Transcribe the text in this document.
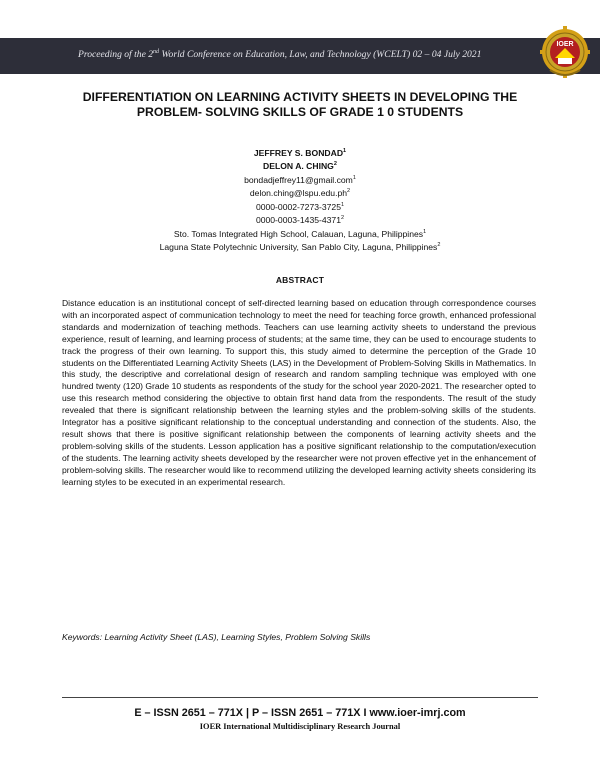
Proceeding of the 2nd World Conference on Education, Law, and Technology (WCELT) 02 – 04 July 2021
IOER
DIFFERENTIATION ON LEARNING ACTIVITY SHEETS IN DEVELOPING THE
PROBLEM- SOLVING SKILLS OF GRADE 1 0 STUDENTS
JEFFREY S. BONDAD$^1$
DELON A. CHING$^2$
bondadjeffrey11@gmail.com$^1$
$delon.ching@lspu.edu.ph^2$
0000-0002-7273-3725$^1$
0000-0003-1435-4371$^2$
Sto. Tomas Integrated High School, Calauan, Laguna, Philippines$^1$
Laguna State Polytechnic University, San Pablo City, Laguna, Philippines$^2$
ABSTRACT
Distance education is an institutional concept of self-directed learning based on education through correspondence courses with an incorporated aspect of communication technology to meet the need for teaching force growth, enhanced professional standards and modernization of teaching methods. Teachers can use learning activity sheets to understand the previous experience, result of learning, and learning process of students; at the same time, they can be used to encourage students to track the progress of their own learning. To support this, this study aimed to determine the perception of the Grade 10 students on the Differentiated Learning Activity Sheets (LAS) in the Development of Problem-Solving Skills in Mathematics. In this study, the descriptive and correlational design of research and random sampling technique was employed with one hundred twenty (120) Grade 10 students as respondents of the study for the school year 2020-2021. The researcher opted to use this research method considering the objective to obtain first hand data from the respondents. The result of the study revealed that there is significant relationship between the learning styles and the problem-solving skills of the students. Integrator has a positive significant relationship to the conceptual understanding and connection of the students. Also, the result shows that there is positive significant relationship between the components of learning activity sheets and the problem-solving skills of the students. Lesson application has a positive significant relationship to the computation/execution of the students. The learning activity sheets developed by the researcher were not proven effective yet in the enhancement of problem-solving skills. The researcher would like to recommend utilizing the developed learning activity sheets considering its learning styles to be executed in an experimental research.
Keywords: Learning Activity Sheet (LAS), Learning Styles, Problem Solving Skills
E – ISSN 2651 – 771X | P – ISSN 2651 – 771X I www.ioer-imrj.com
IOER International Multidisciplinary Research Journal
